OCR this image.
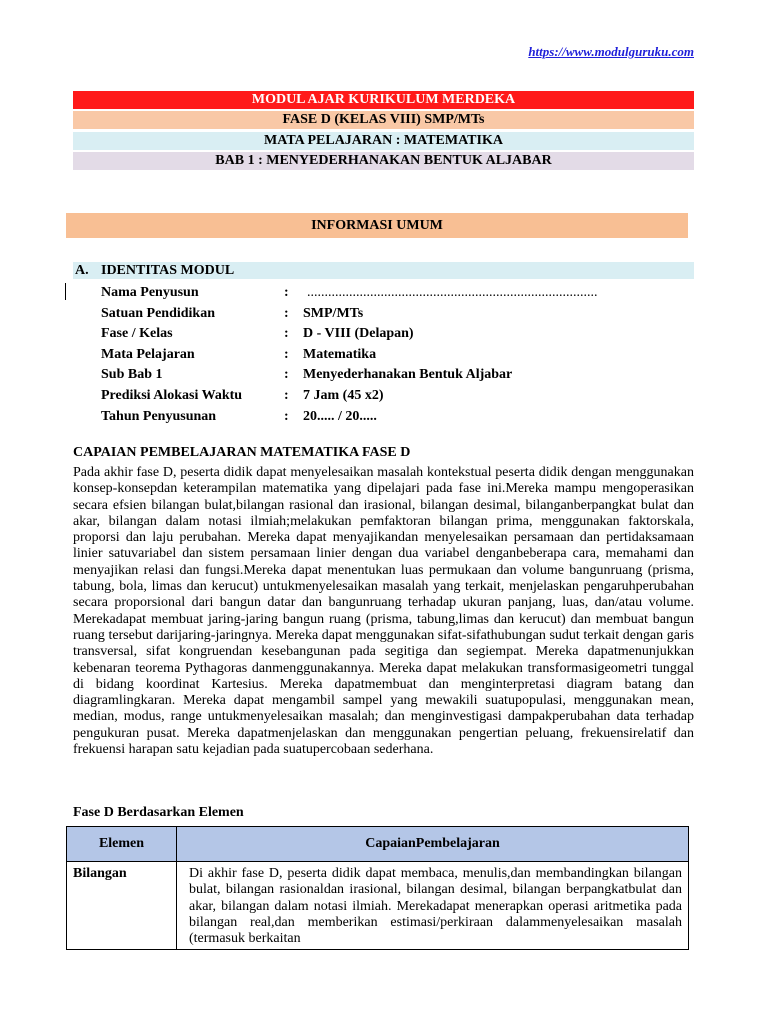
https://www.modulguruku.com
MODUL AJAR KURIKULUM MERDEKA
FASE D (KELAS VIII) SMP/MTs
MATA PELAJARAN : MATEMATIKA
BAB 1 : MENYEDERHANAKAN BENTUK ALJABAR
INFORMASI UMUM
A. IDENTITAS MODUL
Nama Penyusun	: ...................................................................................
Satuan Pendidikan	: SMP/MTs
Fase / Kelas	: D - VIII (Delapan)
Mata Pelajaran	: Matematika
Sub Bab 1	: Menyederhanakan Bentuk Aljabar
Prediksi Alokasi Waktu	: 7 Jam (45 x2)
Tahun Penyusunan	: 20..... / 20.....
CAPAIAN PEMBELAJARAN MATEMATIKA FASE D
Pada akhir fase D, peserta didik dapat menyelesaikan masalah kontekstual peserta didik dengan menggunakan konsep-konsepdan keterampilan matematika yang dipelajari pada fase ini.Mereka mampu mengoperasikan secara efsien bilangan bulat,bilangan rasional dan irasional, bilangan desimal, bilanganberpangkat bulat dan akar, bilangan dalam notasi ilmiah;melakukan pemfaktoran bilangan prima, menggunakan faktorskala, proporsi dan laju perubahan. Mereka dapat menyajikandan menyelesaikan persamaan dan pertidaksamaan linier satuvariabel dan sistem persamaan linier dengan dua variabel denganbeberapa cara, memahami dan menyajikan relasi dan fungsi.Mereka dapat menentukan luas permukaan dan volume bangunruang (prisma, tabung, bola, limas dan kerucut) untukmenyelesaikan masalah yang terkait, menjelaskan pengaruhperubahan secara proporsional dari bangun datar dan bangunruang terhadap ukuran panjang, luas, dan/atau volume. Merekadapat membuat jaring-jaring bangun ruang (prisma, tabung,limas dan kerucut) dan membuat bangun ruang tersebut darijaring-jaringnya. Mereka dapat menggunakan sifat-sifathubungan sudut terkait dengan garis transversal, sifat kongruendan kesebangunan pada segitiga dan segiempat. Mereka dapatmenunjukkan kebenaran teorema Pythagoras danmenggunakannya. Mereka dapat melakukan transformasigeometri tunggal di bidang koordinat Kartesius. Mereka dapatmembuat dan menginterpretasi diagram batang dan diagramlingkaran. Mereka dapat mengambil sampel yang mewakili suatupopulasi, menggunakan mean, median, modus, range untukmenyelesaikan masalah; dan menginvestigasi dampakperubahan data terhadap pengukuran pusat. Mereka dapatmenjelaskan dan menggunakan pengertian peluang, frekuensirelatif dan frekuensi harapan satu kejadian pada suatupercobaan sederhana.
Fase D Berdasarkan Elemen
Elemen	CapaianPembelajaran
Bilangan	Di akhir fase D, peserta didik dapat membaca, menulis,dan membandingkan bilangan bulat, bilangan rasionaldan irasional, bilangan desimal, bilangan berpangkatbulat dan akar, bilangan dalam notasi ilmiah. Merekadapat menerapkan operasi aritmetika pada bilangan real,dan memberikan estimasi/perkiraan dalammenyelesaikan masalah (termasuk berkaitan
